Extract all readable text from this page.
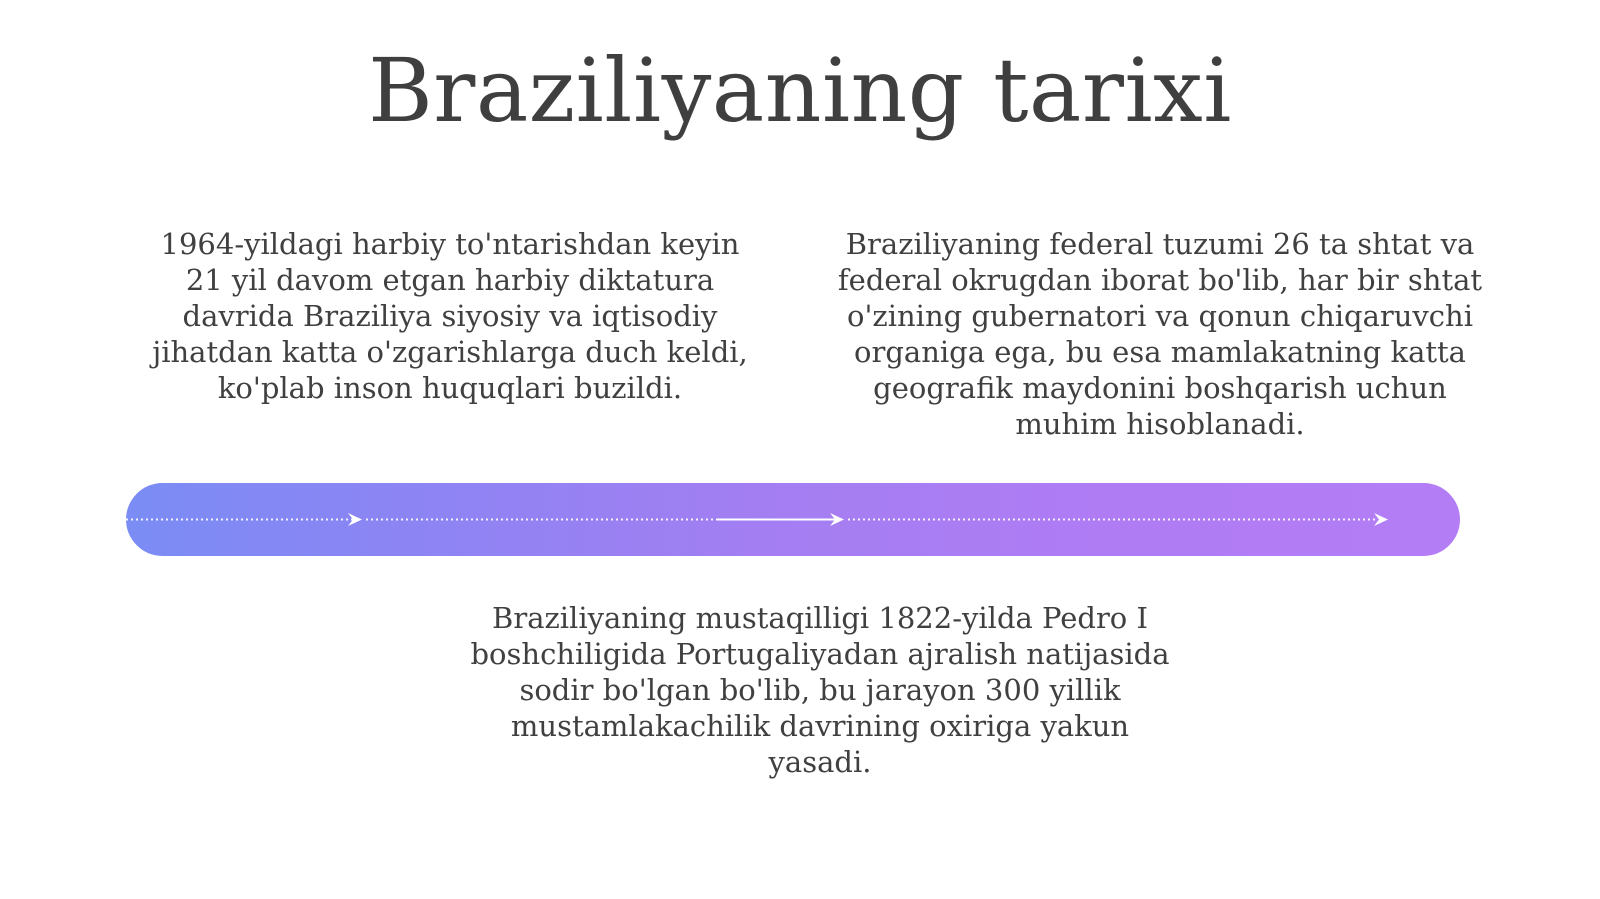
Braziliyaning tarixi
1964-yildagi harbiy to'ntarishdan keyin 21 yil davom etgan harbiy diktatura davrida Braziliya siyosiy va iqtisodiy jihatdan katta o'zgarishlarga duch keldi, ko'plab inson huquqlari buzildi.
Braziliyaning federal tuzumi 26 ta shtat va federal okrugdan iborat bo'lib, har bir shtat o'zining gubernatori va qonun chiqaruvchi organiga ega, bu esa mamlakatning katta geografik maydonini boshqarish uchun muhim hisoblanadi.
Braziliyaning mustaqilligi 1822-yilda Pedro I boshchiligida Portugaliyadan ajralish natijasida sodir bo'lgan bo'lib, bu jarayon 300 yillik mustamlakachilik davrining oxiriga yakun yasadi.
